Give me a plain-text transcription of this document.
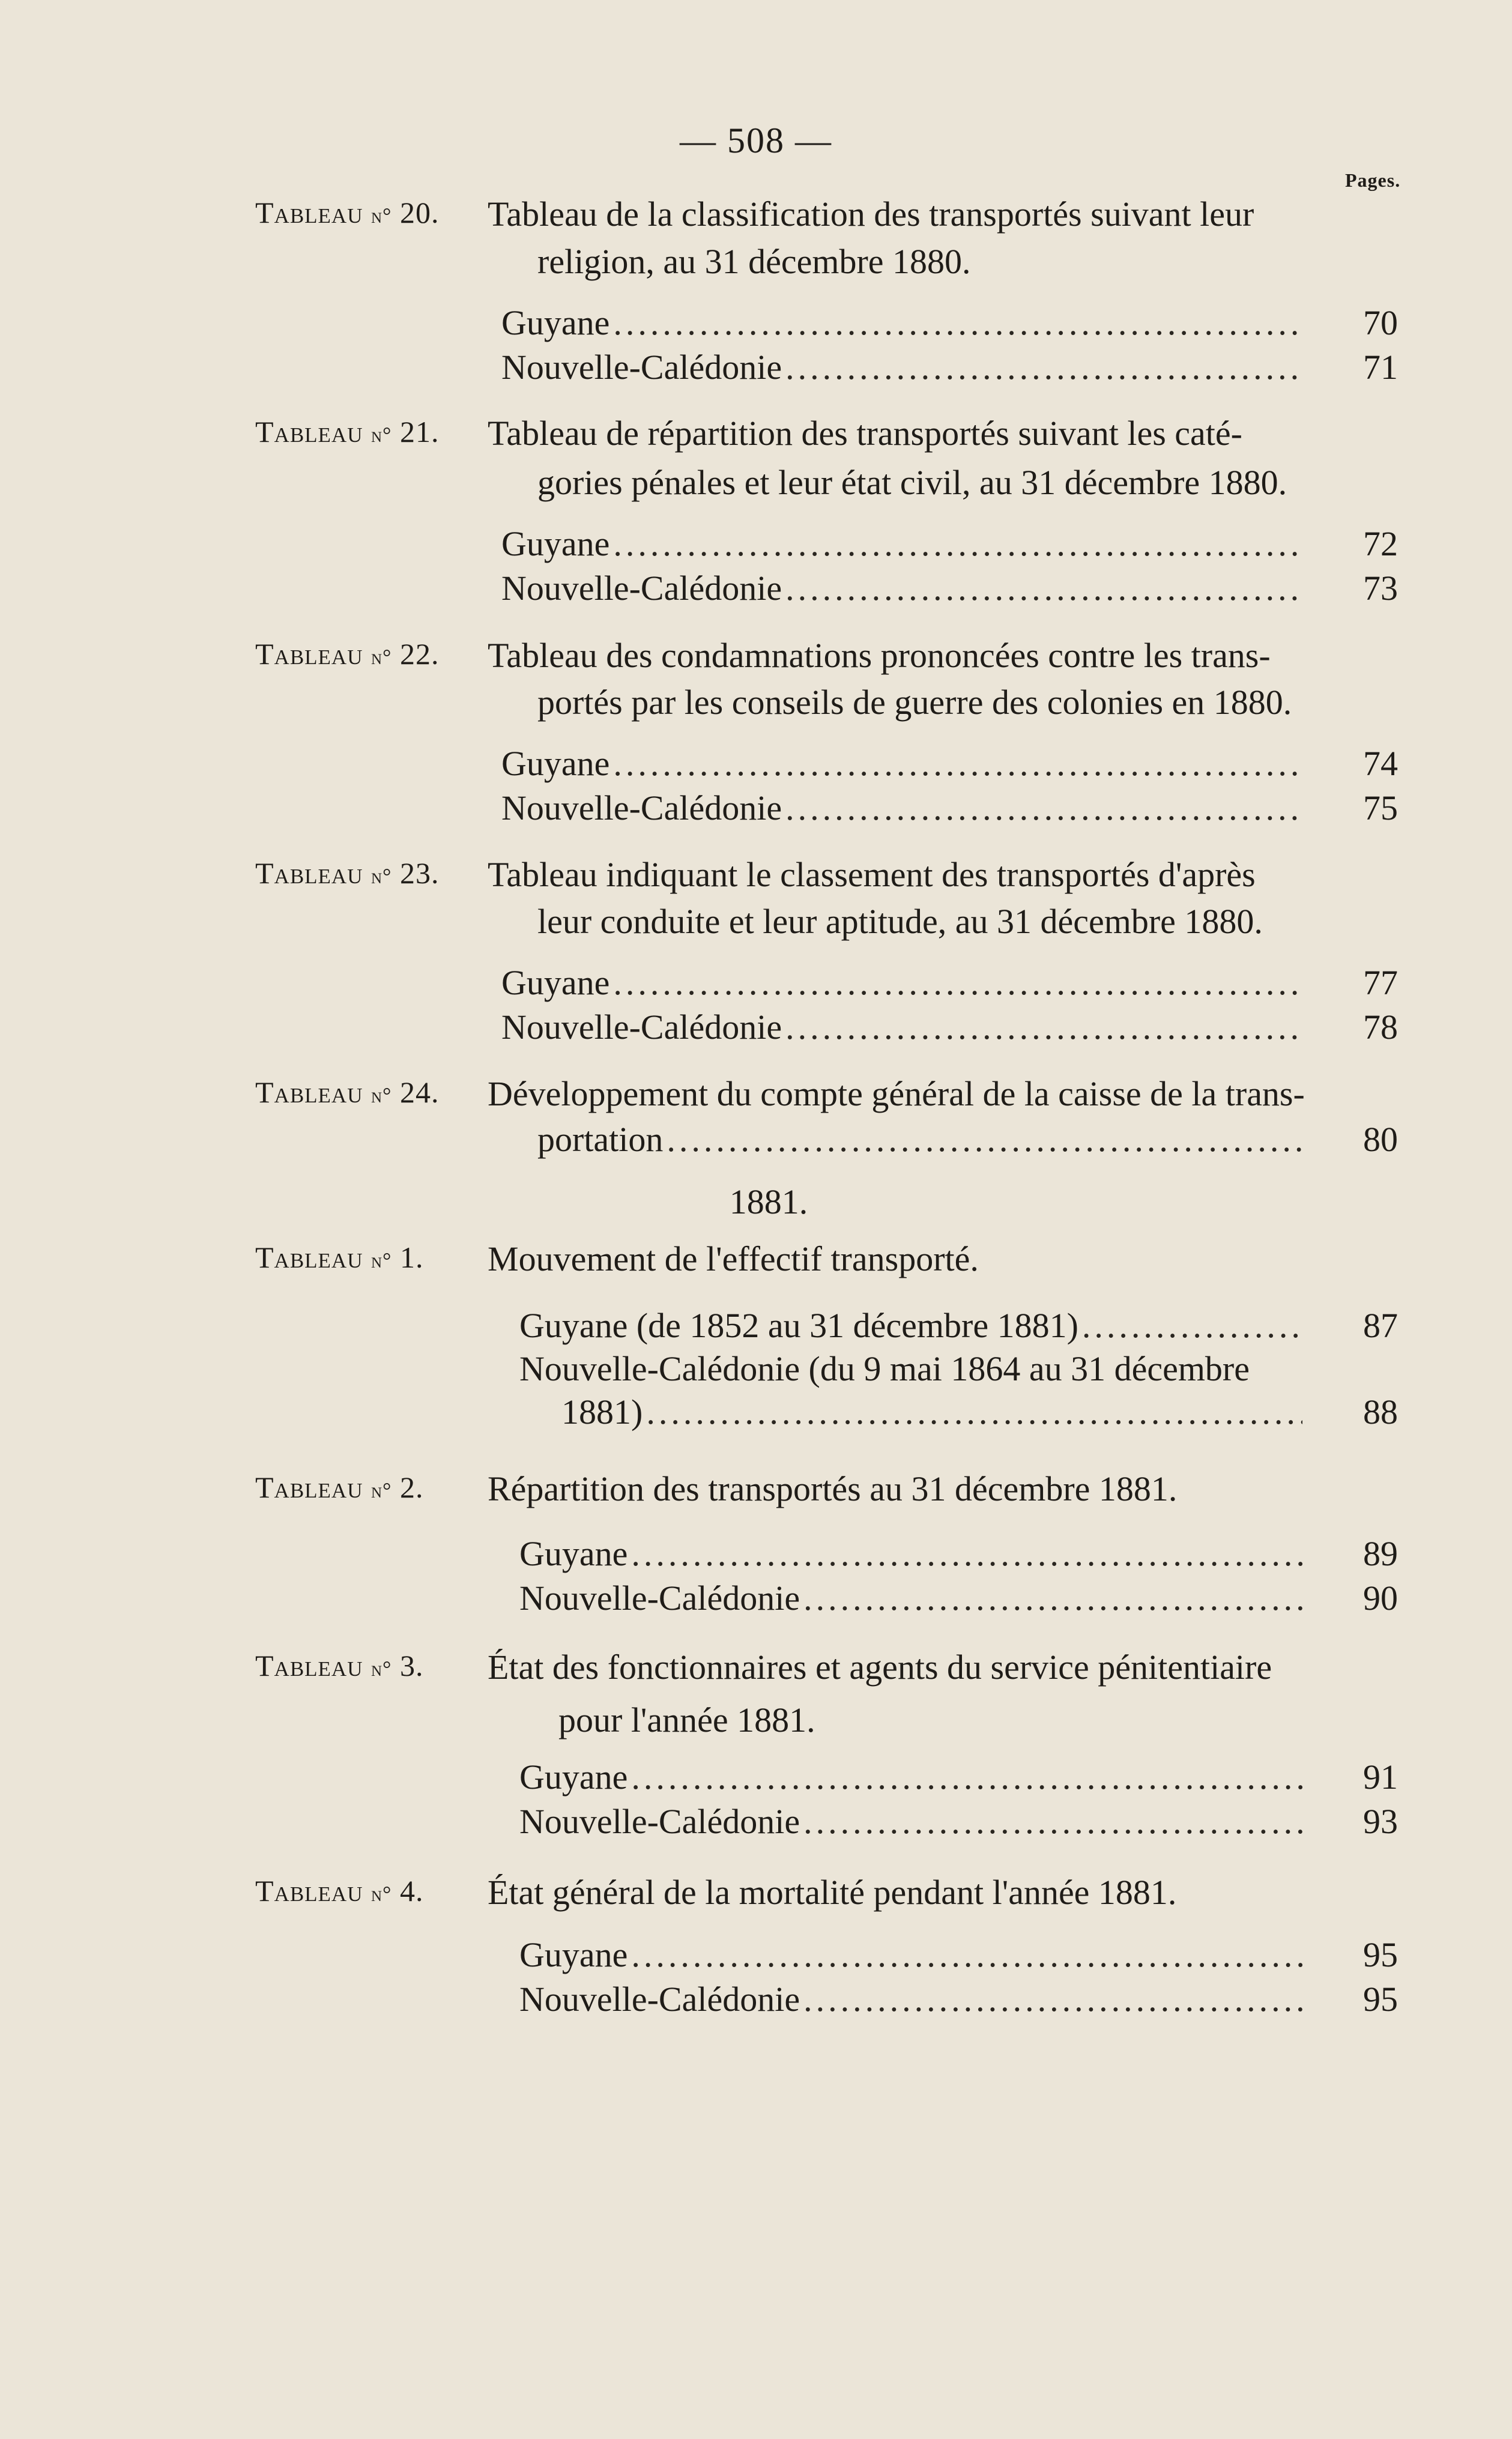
— 508 —
Pages.
Tableau n° 20. Tableau de la classification des transportés suivant leur
religion, au 31 décembre 1880.
Guyane .....	70
Nouvelle-Calédonie .....	71
Tableau n° 21. Tableau de répartition des transportés suivant les caté-
gories pénales et leur état civil, au 31 décembre 1880.
Guyane .....	72
Nouvelle-Calédonie .....	73
Tableau n° 22. Tableau des condamnations prononcées contre les trans-
portés par les conseils de guerre des colonies en 1880.
Guyane .....	74
Nouvelle-Calédonie .....	75
Tableau n° 23. Tableau indiquant le classement des transportés d'après
leur conduite et leur aptitude, au 31 décembre 1880.
Guyane .....	77
Nouvelle-Calédonie .....	78
Tableau n° 24. Développement du compte général de la caisse de la trans-
portation .....	80
1881.
Tableau n° 1. Mouvement de l'effectif transporté.
Guyane (de 1852 au 31 décembre 1881) .....	87
Nouvelle-Calédonie (du 9 mai 1864 au 31 décembre
1881) .....	88
Tableau n° 2. Répartition des transportés au 31 décembre 1881.
Guyane .....	89
Nouvelle-Calédonie .....	90
Tableau n° 3. État des fonctionnaires et agents du service pénitentiaire
pour l'année 1881.
Guyane .....	91
Nouvelle-Calédonie .....	93
Tableau n° 4. État général de la mortalité pendant l'année 1881.
Guyane .....	95
Nouvelle-Calédonie .....	95
